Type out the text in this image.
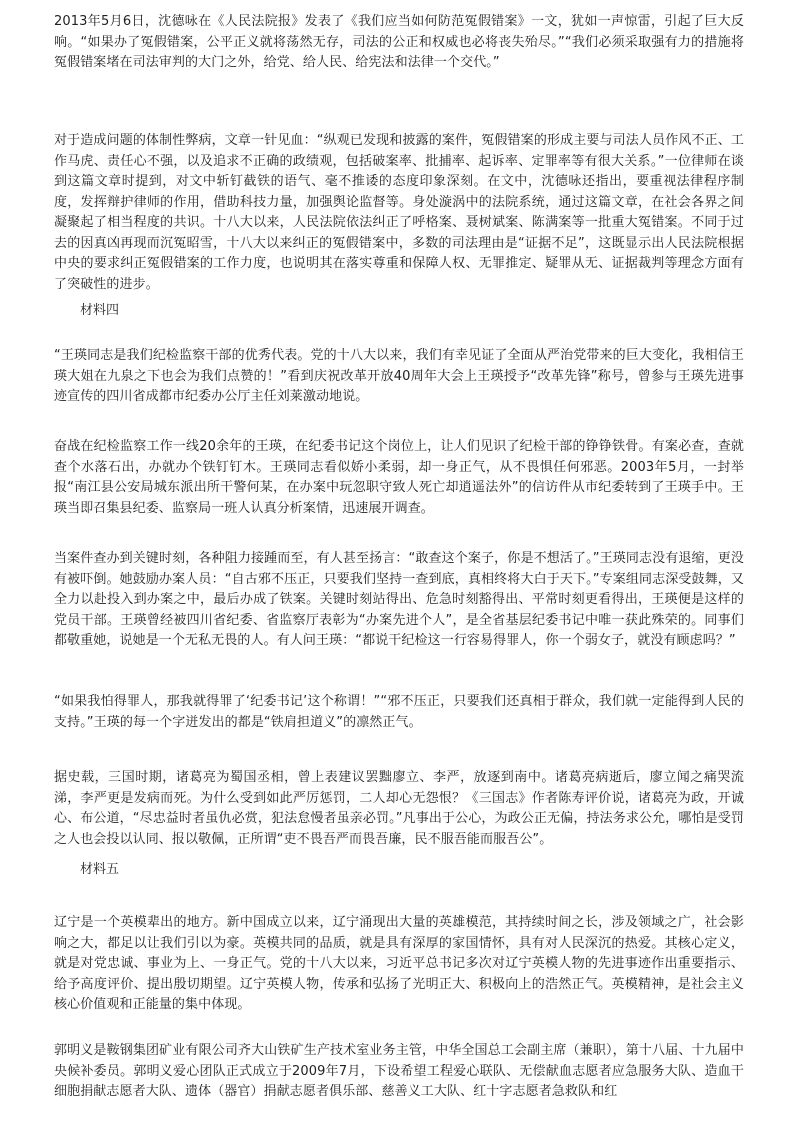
2013年5月6日，沈德咏在《人民法院报》发表了《我们应当如何防范冤假错案》一文，犹如一声惊雷，引起了巨大反响。“如果办了冤假错案，公平正义就将荡然无存，司法的公正和权威也必将丧失殆尽。”“我们必须采取强有力的措施将冤假错案堵在司法审判的大门之外，给党、给人民、给宪法和法律一个交代。”

对于造成问题的体制性弊病，文章一针见血：“纵观已发现和披露的案件，冤假错案的形成主要与司法人员作风不正、工作马虎、责任心不强，以及追求不正确的政绩观，包括破案率、批捕率、起诉率、定罪率等有很大关系。”一位律师在谈到这篇文章时提到，对文中斩钉截铁的语气、毫不推诿的态度印象深刻。在文中，沈德咏还指出，要重视法律程序制度，发挥辩护律师的作用，借助科技力量，加强舆论监督等。身处漩涡中的法院系统，通过这篇文章，在社会各界之间凝聚起了相当程度的共识。十八大以来，人民法院依法纠正了呼格案、聂树斌案、陈满案等一批重大冤错案。不同于过去的因真凶再现而沉冤昭雪，十八大以来纠正的冤假错案中，多数的司法理由是“证据不足”，这既显示出人民法院根据中央的要求纠正冤假错案的工作力度，也说明其在落实尊重和保障人权、无罪推定、疑罪从无、证据裁判等理念方面有了突破性的进步。

材料四

“王瑛同志是我们纪检监察干部的优秀代表。党的十八大以来，我们有幸见证了全面从严治党带来的巨大变化，我相信王瑛大姐在九泉之下也会为我们点赞的！”看到庆祝改革开放40周年大会上王瑛授予“改革先锋”称号，曾参与王瑛先进事迹宣传的四川省成都市纪委办公厅主任刘莱激动地说。

奋战在纪检监察工作一线20余年的王瑛，在纪委书记这个岗位上，让人们见识了纪检干部的铮铮铁骨。有案必查，查就查个水落石出，办就办个铁钉钉木。王瑛同志看似娇小柔弱，却一身正气，从不畏惧任何邪恶。2003年5月，一封举报“南江县公安局城东派出所干警何某，在办案中玩忽职守致人死亡却逍遥法外”的信访件从市纪委转到了王瑛手中。王瑛当即召集县纪委、监察局一班人认真分析案情，迅速展开调查。

当案件查办到关键时刻，各种阻力接踵而至，有人甚至扬言：“敢查这个案子，你是不想活了。”王瑛同志没有退缩，更没有被吓倒。她鼓励办案人员：“自古邪不压正，只要我们坚持一查到底，真相终将大白于天下。”专案组同志深受鼓舞，又全力以赴投入到办案之中，最后办成了铁案。关键时刻站得出、危急时刻豁得出、平常时刻更看得出，王瑛便是这样的党员干部。王瑛曾经被四川省纪委、省监察厅表彰为“办案先进个人”，是全省基层纪委书记中唯一获此殊荣的。同事们都敬重她，说她是一个无私无畏的人。有人问王瑛：“都说干纪检这一行容易得罪人，你一个弱女子，就没有顾虑吗？”

“如果我怕得罪人，那我就得罪了‘纪委书记’这个称谓！”“邪不压正，只要我们还真相于群众，我们就一定能得到人民的支持。”王瑛的每一个字迸发出的都是“铁肩担道义”的凛然正气。

据史载，三国时期，诸葛亮为蜀国丞相，曾上表建议罢黜廖立、李严，放逐到南中。诸葛亮病逝后，廖立闻之痛哭流涕，李严更是发病而死。为什么受到如此严厉惩罚，二人却心无怨恨？《三国志》作者陈寿评价说，诸葛亮为政，开诚心、布公道，“尽忠益时者虽仇必赏，犯法怠慢者虽亲必罚。”凡事出于公心，为政公正无偏，持法务求公允，哪怕是受罚之人也会投以认同、报以敬佩，正所谓“吏不畏吾严而畏吾廉，民不服吾能而服吾公”。

材料五

辽宁是一个英模辈出的地方。新中国成立以来，辽宁涌现出大量的英雄模范，其持续时间之长，涉及领域之广，社会影响之大，都足以让我们引以为豪。英模共同的品质，就是具有深厚的家国情怀，具有对人民深沉的热爱。其核心定义，就是对党忠诚、事业为上、一身正气。党的十八大以来，习近平总书记多次对辽宁英模人物的先进事迹作出重要指示、给予高度评价、提出殷切期望。辽宁英模人物，传承和弘扬了光明正大、积极向上的浩然正气。英模精神，是社会主义核心价值观和正能量的集中体现。

郭明义是鞍钢集团矿业有限公司齐大山铁矿生产技术室业务主管，中华全国总工会副主席（兼职），第十八届、十九届中央候补委员。郭明义爱心团队正式成立于2009年7月，下设希望工程爱心联队、无偿献血志愿者应急服务大队、造血干细胞捐献志愿者大队、遗体（器官）捐献志愿者俱乐部、慈善义工大队、红十字志愿者急救队和红
